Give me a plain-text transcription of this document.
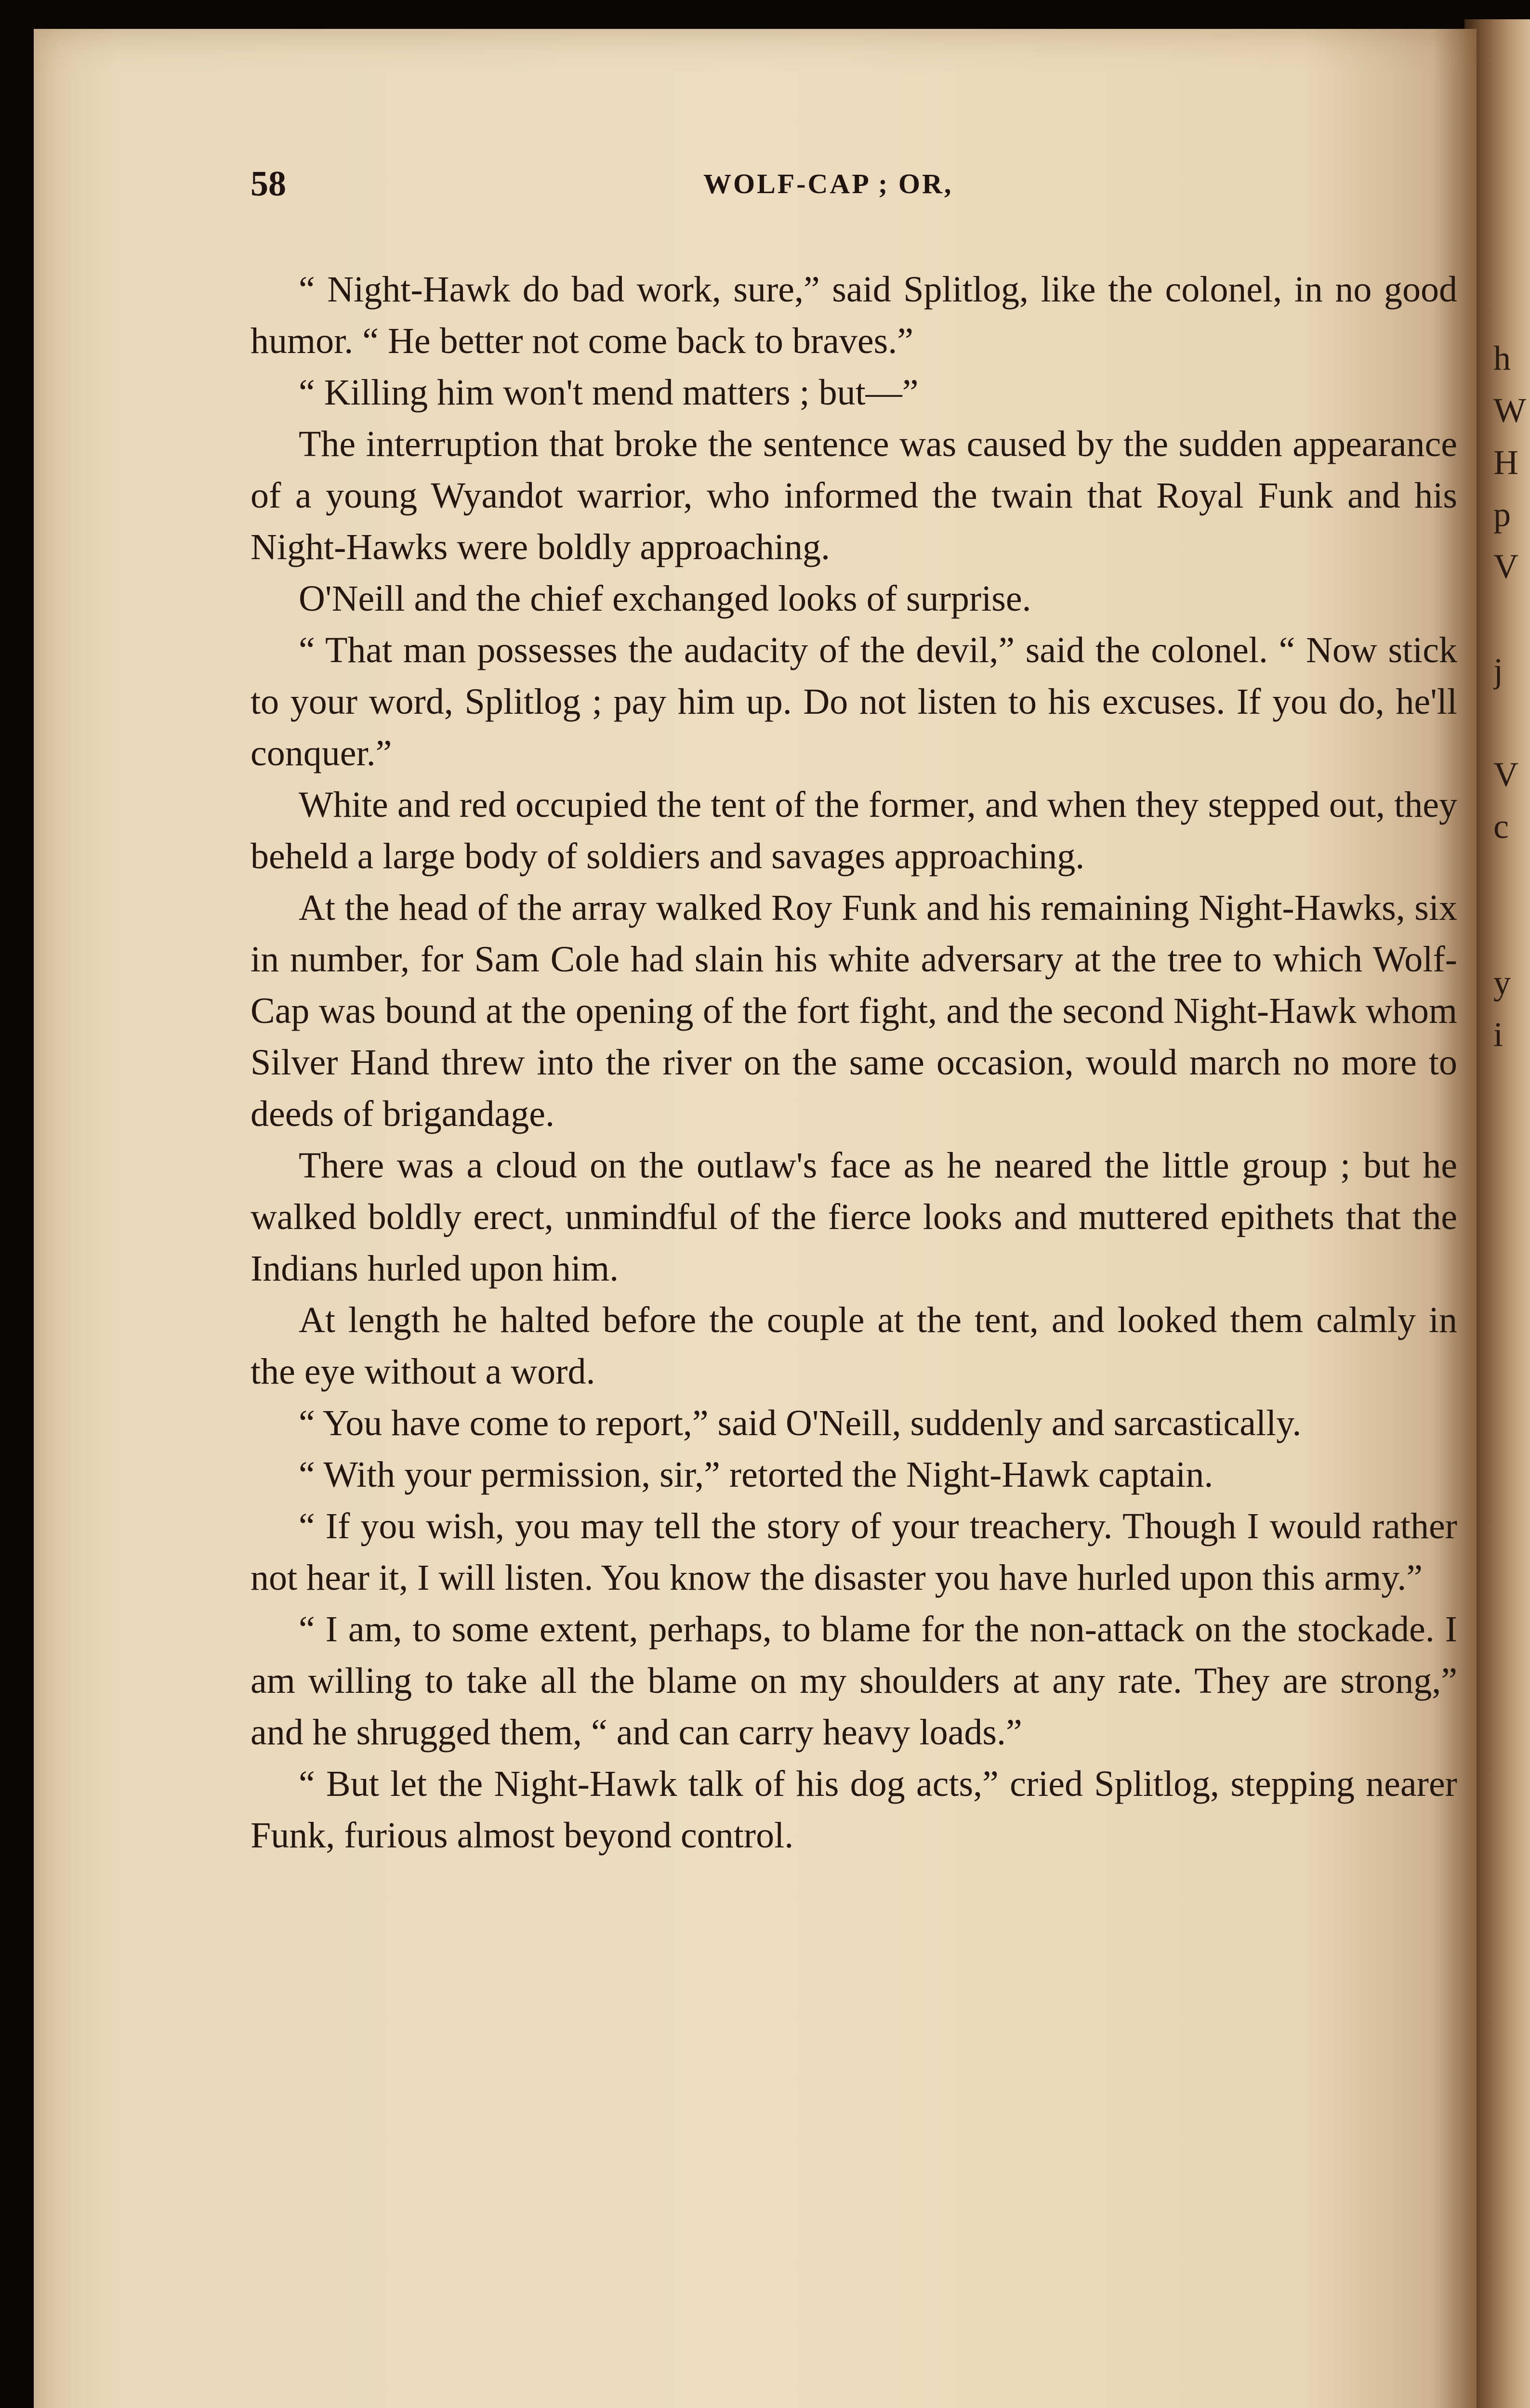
h
W
H
p
V
j
V
c
y
i
58	WOLF-CAP ; OR,

“ Night-Hawk do bad work, sure,” said Splitlog, like the colonel, in no good humor. “ He better not come back to braves.”

“ Killing him won't mend matters ; but—”

The interruption that broke the sentence was caused by the sudden appearance of a young Wyandot warrior, who informed the twain that Royal Funk and his Night-Hawks were boldly approaching.

O'Neill and the chief exchanged looks of surprise.

“ That man possesses the audacity of the devil,” said the colonel. “ Now stick to your word, Splitlog ; pay him up. Do not listen to his excuses. If you do, he'll conquer.”

White and red occupied the tent of the former, and when they stepped out, they beheld a large body of soldiers and savages approaching.

At the head of the array walked Roy Funk and his remaining Night-Hawks, six in number, for Sam Cole had slain his white adversary at the tree to which Wolf-Cap was bound at the opening of the fort fight, and the second Night-Hawk whom Silver Hand threw into the river on the same occasion, would march no more to deeds of brigandage.

There was a cloud on the outlaw's face as he neared the little group ; but he walked boldly erect, unmindful of the fierce looks and muttered epithets that the Indians hurled upon him.

At length he halted before the couple at the tent, and looked them calmly in the eye without a word.

“ You have come to report,” said O'Neill, suddenly and sarcastically.

“ With your permission, sir,” retorted the Night-Hawk captain.

“ If you wish, you may tell the story of your treachery. Though I would rather not hear it, I will listen. You know the disaster you have hurled upon this army.”

“ I am, to some extent, perhaps, to blame for the non-attack on the stockade. I am willing to take all the blame on my shoulders at any rate. They are strong,” and he shrugged them, “ and can carry heavy loads.”

“ But let the Night-Hawk talk of his dog acts,” cried Splitlog, stepping nearer Funk, furious almost beyond control.
